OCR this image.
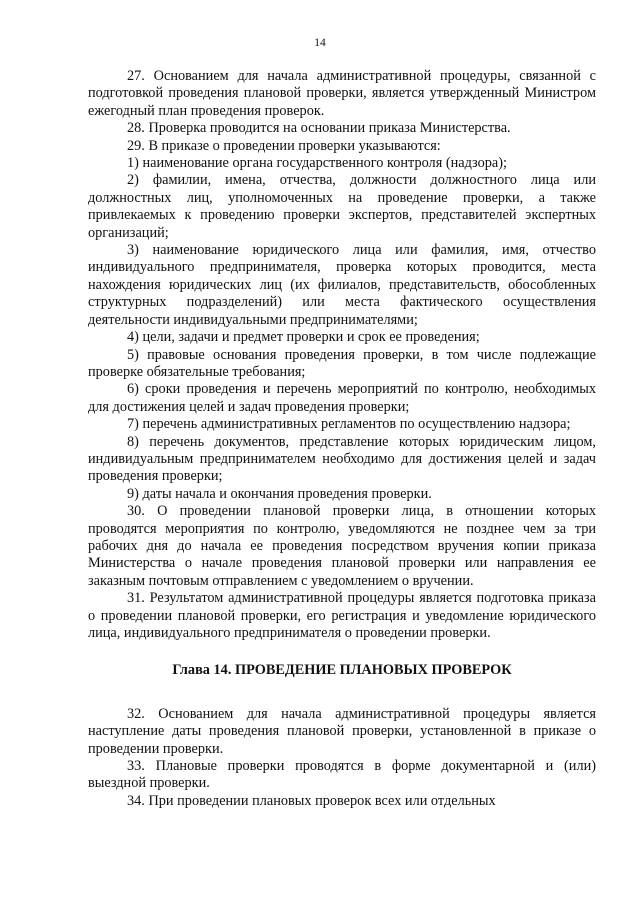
14

27. Основанием для начала административной процедуры, связанной с подготовкой проведения плановой проверки, является утвержденный Министром ежегодный план проведения проверок.

28. Проверка проводится на основании приказа Министерства.

29. В приказе о проведении проверки указываются:

1) наименование органа государственного контроля (надзора);

2) фамилии, имена, отчества, должности должностного лица или должностных лиц, уполномоченных на проведение проверки, а также привлекаемых к проведению проверки экспертов, представителей экспертных организаций;

3) наименование юридического лица или фамилия, имя, отчество индивидуального предпринимателя, проверка которых проводится, места нахождения юридических лиц (их филиалов, представительств, обособленных структурных подразделений) или места фактического осуществления деятельности индивидуальными предпринимателями;

4) цели, задачи и предмет проверки и срок ее проведения;

5) правовые основания проведения проверки, в том числе подлежащие проверке обязательные требования;

6) сроки проведения и перечень мероприятий по контролю, необходимых для достижения целей и задач проведения проверки;

7) перечень административных регламентов по осуществлению надзора;

8) перечень документов, представление которых юридическим лицом, индивидуальным предпринимателем необходимо для достижения целей и задач проведения проверки;

9) даты начала и окончания проведения проверки.

30. О проведении плановой проверки лица, в отношении которых проводятся мероприятия по контролю, уведомляются не позднее чем за три рабочих дня до начала ее проведения посредством вручения копии приказа Министерства о начале проведения плановой проверки или направления ее заказным почтовым отправлением с уведомлением о вручении.

31. Результатом административной процедуры является подготовка приказа о проведении плановой проверки, его регистрация и уведомление юридического лица, индивидуального предпринимателя о проведении проверки.

Глава 14. ПРОВЕДЕНИЕ ПЛАНОВЫХ ПРОВЕРОК

32. Основанием для начала административной процедуры является наступление даты проведения плановой проверки, установленной в приказе о проведении проверки.

33. Плановые проверки проводятся в форме документарной и (или) выездной проверки.

34. При проведении плановых проверок всех или отдельных
